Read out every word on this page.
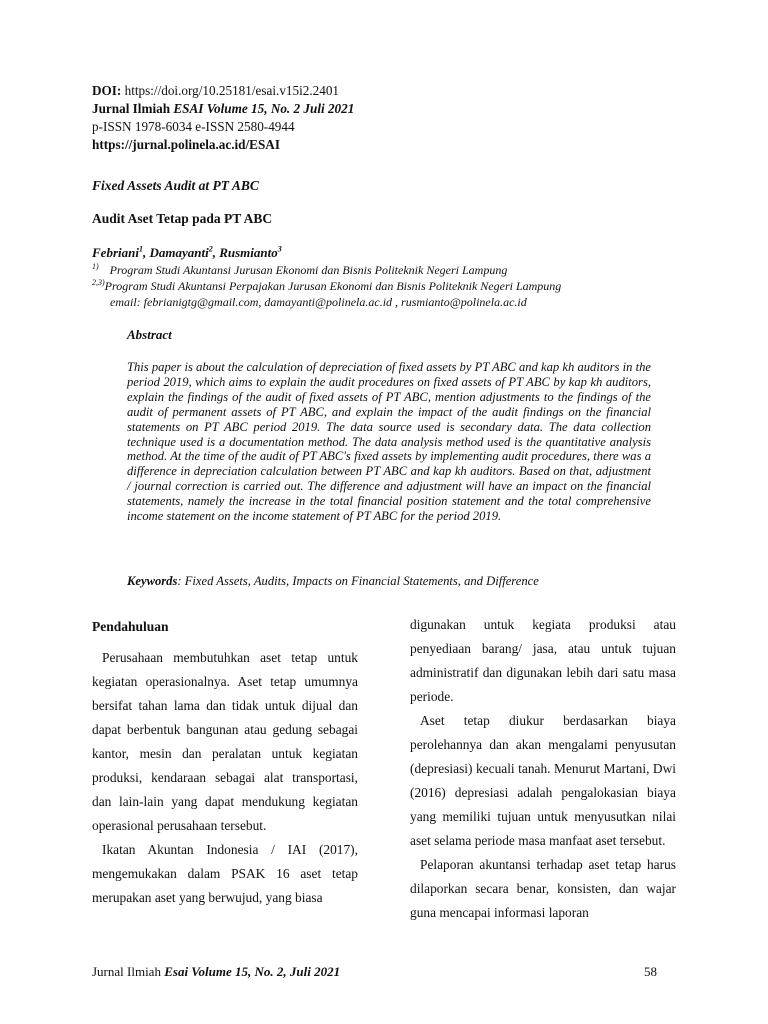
DOI: https://doi.org/10.25181/esai.v15i2.2401
Jurnal Ilmiah ESAI Volume 15, No. 2 Juli 2021
p-ISSN 1978-6034 e-ISSN 2580-4944
https://jurnal.polinela.ac.id/ESAI
Fixed Assets Audit at PT ABC
Audit Aset Tetap pada PT ABC
Febriani$^1$, Damayanti$^2$, Rusmianto$^3$
$^{1)}$ Program Studi Akuntansi Jurusan Ekonomi dan Bisnis Politeknik Negeri Lampung
$^{2,3)}$Program Studi Akuntansi Perpajakan Jurusan Ekonomi dan Bisnis Politeknik Negeri Lampung
email: febrianigtg@gmail.com, damayanti@polinela.ac.id , rusmianto@polinela.ac.id
Abstract
This paper is about the calculation of depreciation of fixed assets by PT ABC and kap kh auditors in the period 2019, which aims to explain the audit procedures on fixed assets of PT ABC by kap kh auditors, explain the findings of the audit of fixed assets of PT ABC, mention adjustments to the findings of the audit of permanent assets of PT ABC, and explain the impact of the audit findings on the financial statements on PT ABC period 2019. The data source used is secondary data. The data collection technique used is a documentation method. The data analysis method used is the quantitative analysis method. At the time of the audit of PT ABC's fixed assets by implementing audit procedures, there was a difference in depreciation calculation between PT ABC and kap kh auditors. Based on that, adjustment / journal correction is carried out. The difference and adjustment will have an impact on the financial statements, namely the increase in the total financial position statement and the total comprehensive income statement on the income statement of PT ABC for the period 2019.
Keywords: Fixed Assets, Audits, Impacts on Financial Statements, and Difference
Pendahuluan

Perusahaan membutuhkan aset tetap untuk kegiatan operasionalnya. Aset tetap umumnya bersifat tahan lama dan tidak untuk dijual dan dapat berbentuk bangunan atau gedung sebagai kantor, mesin dan peralatan untuk kegiatan produksi, kendaraan sebagai alat transportasi, dan lain-lain yang dapat mendukung kegiatan operasional perusahaan tersebut.

Ikatan Akuntan Indonesia / IAI (2017), mengemukakan dalam PSAK 16 aset tetap merupakan aset yang berwujud, yang biasa

digunakan untuk kegiata produksi atau penyediaan barang/ jasa, atau untuk tujuan administratif dan digunakan lebih dari satu masa periode.

Aset tetap diukur berdasarkan biaya perolehannya dan akan mengalami penyusutan (depresiasi) kecuali tanah. Menurut Martani, Dwi (2016) depresiasi adalah pengalokasian biaya yang memiliki tujuan untuk menyusutkan nilai aset selama periode masa manfaat aset tersebut.

Pelaporan akuntansi terhadap aset tetap harus dilaporkan secara benar, konsisten, dan wajar guna mencapai informasi laporan

Jurnal Ilmiah Esai Volume 15, No. 2, Juli 2021	58
